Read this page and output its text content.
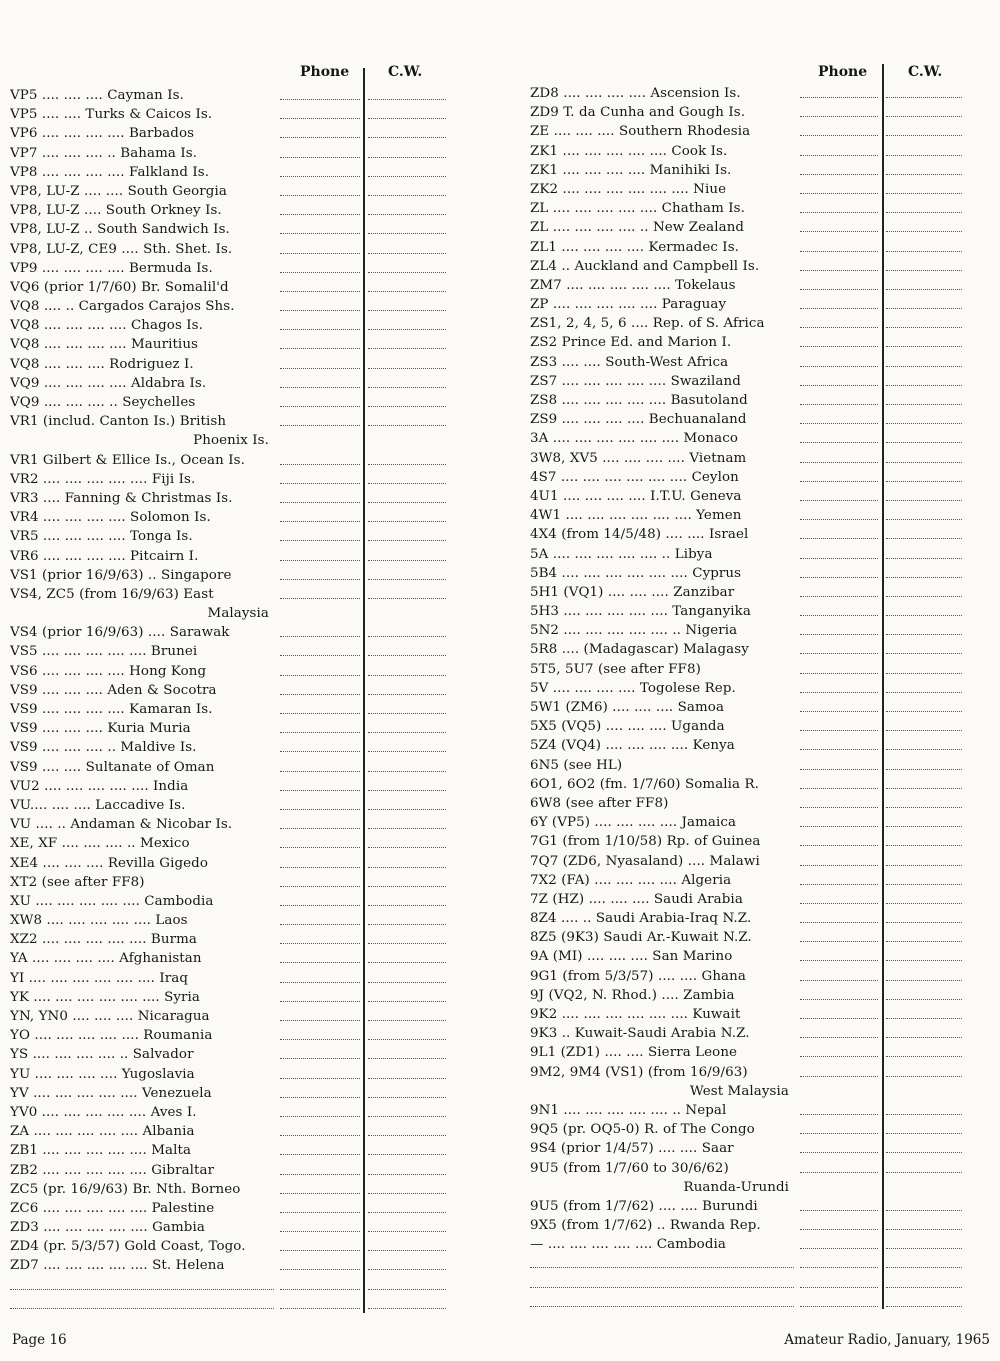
Phone	C.W.
VP5 .... .... .... Cayman Is.
VP5 .... .... Turks & Caicos Is.
VP6 .... .... .... .... Barbados
VP7 .... .... .... .. Bahama Is.
VP8 .... .... .... .... Falkland Is.
VP8, LU-Z .... .... South Georgia
VP8, LU-Z .... South Orkney Is.
VP8, LU-Z .. South Sandwich Is.
VP8, LU-Z, CE9 .... Sth. Shet. Is.
VP9 .... .... .... .... Bermuda Is.
VQ6 (prior 1/7/60) Br. Somalil'd
VQ8 .... .. Cargados Carajos Shs.
VQ8 .... .... .... .... Chagos Is.
VQ8 .... .... .... .... Mauritius
VQ8 .... .... .... Rodriguez I.
VQ9 .... .... .... .... Aldabra Is.
VQ9 .... .... .... .. Seychelles
VR1 (includ. Canton Is.) British
Phoenix Is.
VR1 Gilbert & Ellice Is., Ocean Is.
VR2 .... .... .... .... .... Fiji Is.
VR3 .... Fanning & Christmas Is.
VR4 .... .... .... .... Solomon Is.
VR5 .... .... .... .... Tonga Is.
VR6 .... .... .... .... Pitcairn I.
VS1 (prior 16/9/63) .. Singapore
VS4, ZC5 (from 16/9/63) East
Malaysia
VS4 (prior 16/9/63) .... Sarawak
VS5 .... .... .... .... .... Brunei
VS6 .... .... .... .... Hong Kong
VS9 .... .... .... Aden & Socotra
VS9 .... .... .... .... Kamaran Is.
VS9 .... .... .... Kuria Muria
VS9 .... .... .... .. Maldive Is.
VS9 .... .... Sultanate of Oman
VU2 .... .... .... .... .... India
VU.... .... .... Laccadive Is.
VU .... .. Andaman & Nicobar Is.
XE, XF .... .... .... .. Mexico
XE4 .... .... .... Revilla Gigedo
XT2 (see after FF8)
XU .... .... .... .... .... Cambodia
XW8 .... .... .... .... .... Laos
XZ2 .... .... .... .... .... Burma
YA .... .... .... .... Afghanistan
YI .... .... .... .... .... .... Iraq
YK .... .... .... .... .... .... Syria
YN, YN0 .... .... .... Nicaragua
YO .... .... .... .... .... Roumania
YS .... .... .... .... .. Salvador
YU .... .... .... .... Yugoslavia
YV .... .... .... .... .... Venezuela
YV0 .... .... .... .... .... Aves I.
ZA .... .... .... .... .... Albania
ZB1 .... .... .... .... .... Malta
ZB2 .... .... .... .... .... Gibraltar
ZC5 (pr. 16/9/63) Br. Nth. Borneo
ZC6 .... .... .... .... .... Palestine
ZD3 .... .... .... .... .... Gambia
ZD4 (pr. 5/3/57) Gold Coast, Togo.
ZD7 .... .... .... .... .... St. Helena
Phone	C.W.
ZD8 .... .... .... .... Ascension Is.
ZD9 T. da Cunha and Gough Is.
ZE .... .... .... Southern Rhodesia
ZK1 .... .... .... .... .... Cook Is.
ZK1 .... .... .... .... Manihiki Is.
ZK2 .... .... .... .... .... .... Niue
ZL .... .... .... .... .... Chatham Is.
ZL .... .... .... .... .. New Zealand
ZL1 .... .... .... .... Kermadec Is.
ZL4 .. Auckland and Campbell Is.
ZM7 .... .... .... .... .... Tokelaus
ZP .... .... .... .... .... Paraguay
ZS1, 2, 4, 5, 6 .... Rep. of S. Africa
ZS2 Prince Ed. and Marion I.
ZS3 .... .... South-West Africa
ZS7 .... .... .... .... .... Swaziland
ZS8 .... .... .... .... .... Basutoland
ZS9 .... .... .... .... Bechuanaland
3A .... .... .... .... .... .... Monaco
3W8, XV5 .... .... .... .... Vietnam
4S7 .... .... .... .... .... .... Ceylon
4U1 .... .... .... .... I.T.U. Geneva
4W1 .... .... .... .... .... .... Yemen
4X4 (from 14/5/48) .... .... Israel
5A .... .... .... .... .... .. Libya
5B4 .... .... .... .... .... .... Cyprus
5H1 (VQ1) .... .... .... Zanzibar
5H3 .... .... .... .... .... Tanganyika
5N2 .... .... .... .... .... .. Nigeria
5R8 .... (Madagascar) Malagasy
5T5, 5U7 (see after FF8)
5V .... .... .... .... Togolese Rep.
5W1 (ZM6) .... .... .... Samoa
5X5 (VQ5) .... .... .... Uganda
5Z4 (VQ4) .... .... .... .... Kenya
6N5 (see HL)
6O1, 6O2 (fm. 1/7/60) Somalia R.
6W8 (see after FF8)
6Y (VP5) .... .... .... .... Jamaica
7G1 (from 1/10/58) Rp. of Guinea
7Q7 (ZD6, Nyasaland) .... Malawi
7X2 (FA) .... .... .... .... Algeria
7Z (HZ) .... .... .... Saudi Arabia
8Z4 .... .. Saudi Arabia-Iraq N.Z.
8Z5 (9K3) Saudi Ar.-Kuwait N.Z.
9A (MI) .... .... .... San Marino
9G1 (from 5/3/57) .... .... Ghana
9J (VQ2, N. Rhod.) .... Zambia
9K2 .... .... .... .... .... .... Kuwait
9K3 .. Kuwait-Saudi Arabia N.Z.
9L1 (ZD1) .... .... Sierra Leone
9M2, 9M4 (VS1) (from 16/9/63)
West Malaysia
9N1 .... .... .... .... .... .. Nepal
9Q5 (pr. OQ5-0) R. of The Congo
9S4 (prior 1/4/57) .... .... Saar
9U5 (from 1/7/60 to 30/6/62)
Ruanda-Urundi
9U5 (from 1/7/62) .... .... Burundi
9X5 (from 1/7/62) .. Rwanda Rep.
— .... .... .... .... .... Cambodia
Page 16	Amateur Radio, January, 1965
